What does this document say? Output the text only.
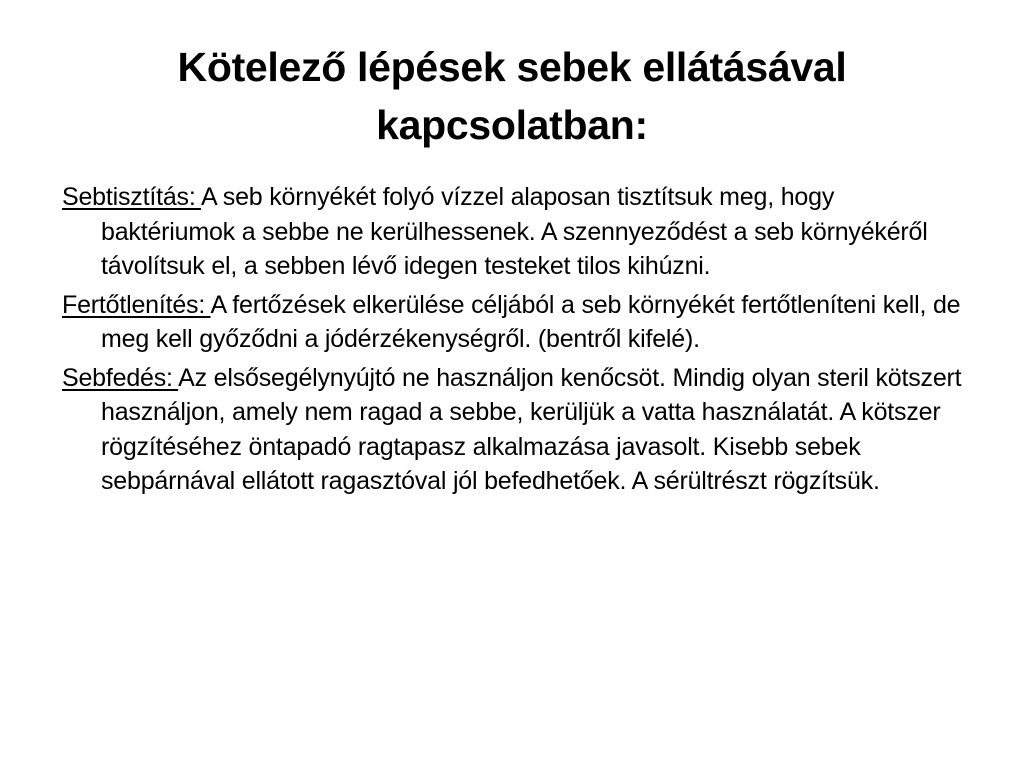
Kötelező lépések sebek ellátásával
kapcsolatban:
Sebtisztítás: A seb környékét folyó vízzel alaposan tisztítsuk meg, hogy baktériumok a sebbe ne kerülhessenek. A szennyeződést a seb környékéről távolítsuk el, a sebben lévő idegen testeket tilos kihúzni.
Fertőtlenítés: A fertőzések elkerülése céljából a seb környékét fertőtleníteni kell, de meg kell győződni a jódérzékenységről. (bentről kifelé).
Sebfedés: Az elsősegélynyújtó ne használjon kenőcsöt. Mindig olyan steril kötszert használjon, amely nem ragad a sebbe, kerüljük a vatta használatát. A kötszer rögzítéséhez öntapadó ragtapasz alkalmazása javasolt. Kisebb sebek sebpárnával ellátott ragasztóval jól befedhetőek. A sérültrészt rögzítsük.
